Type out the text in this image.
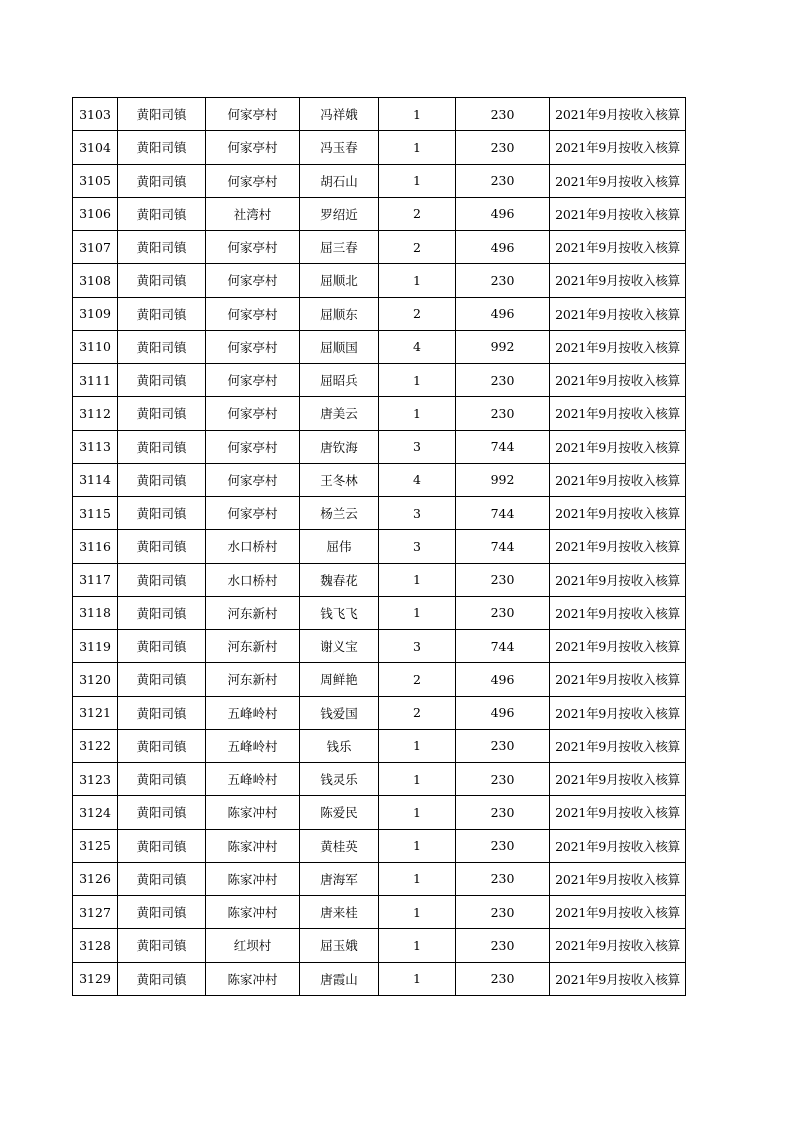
3103	黄阳司镇	何家亭村	冯祥娥	1	230	2021年9月按收入核算
3104	黄阳司镇	何家亭村	冯玉春	1	230	2021年9月按收入核算
3105	黄阳司镇	何家亭村	胡石山	1	230	2021年9月按收入核算
3106	黄阳司镇	社湾村	罗绍近	2	496	2021年9月按收入核算
3107	黄阳司镇	何家亭村	屈三春	2	496	2021年9月按收入核算
3108	黄阳司镇	何家亭村	屈顺北	1	230	2021年9月按收入核算
3109	黄阳司镇	何家亭村	屈顺东	2	496	2021年9月按收入核算
3110	黄阳司镇	何家亭村	屈顺国	4	992	2021年9月按收入核算
3111	黄阳司镇	何家亭村	屈昭兵	1	230	2021年9月按收入核算
3112	黄阳司镇	何家亭村	唐美云	1	230	2021年9月按收入核算
3113	黄阳司镇	何家亭村	唐钦海	3	744	2021年9月按收入核算
3114	黄阳司镇	何家亭村	王冬林	4	992	2021年9月按收入核算
3115	黄阳司镇	何家亭村	杨兰云	3	744	2021年9月按收入核算
3116	黄阳司镇	水口桥村	屈伟	3	744	2021年9月按收入核算
3117	黄阳司镇	水口桥村	魏春花	1	230	2021年9月按收入核算
3118	黄阳司镇	河东新村	钱飞飞	1	230	2021年9月按收入核算
3119	黄阳司镇	河东新村	谢义宝	3	744	2021年9月按收入核算
3120	黄阳司镇	河东新村	周鲜艳	2	496	2021年9月按收入核算
3121	黄阳司镇	五峰岭村	钱爱国	2	496	2021年9月按收入核算
3122	黄阳司镇	五峰岭村	钱乐	1	230	2021年9月按收入核算
3123	黄阳司镇	五峰岭村	钱灵乐	1	230	2021年9月按收入核算
3124	黄阳司镇	陈家冲村	陈爱民	1	230	2021年9月按收入核算
3125	黄阳司镇	陈家冲村	黄桂英	1	230	2021年9月按收入核算
3126	黄阳司镇	陈家冲村	唐海军	1	230	2021年9月按收入核算
3127	黄阳司镇	陈家冲村	唐来桂	1	230	2021年9月按收入核算
3128	黄阳司镇	红坝村	屈玉娥	1	230	2021年9月按收入核算
3129	黄阳司镇	陈家冲村	唐霞山	1	230	2021年9月按收入核算
